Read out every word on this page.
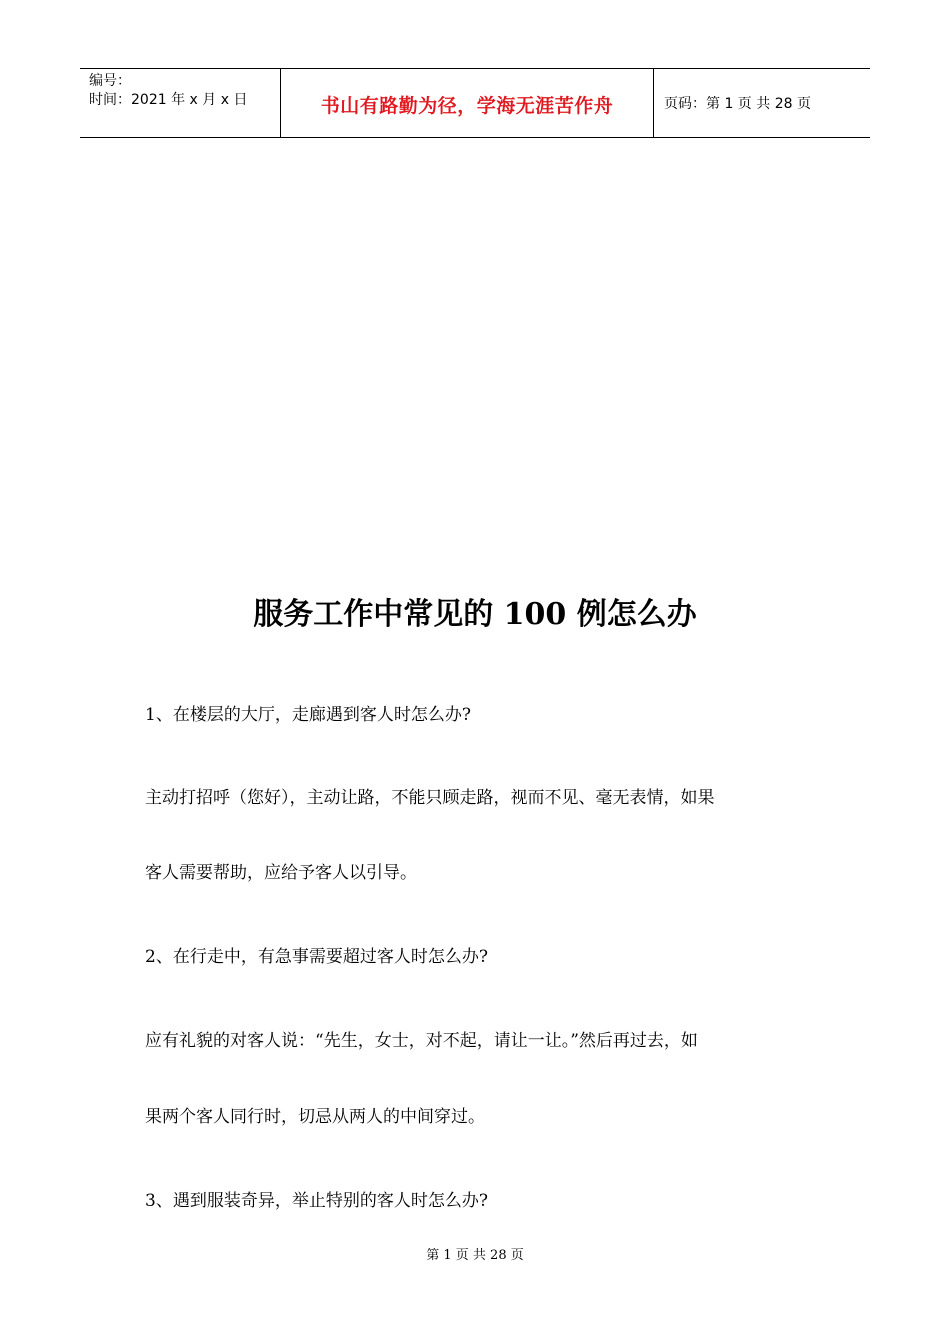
编号：
时间：2021 年 x 月 x 日	书山有路勤为径，学海无涯苦作舟	页码：第 1 页 共 28 页
服务工作中常见的 100 例怎么办

1、在楼层的大厅，走廊遇到客人时怎么办?

主动打招呼（您好），主动让路，不能只顾走路，视而不见、毫无表情，如果

客人需要帮助，应给予客人以引导。

2、在行走中，有急事需要超过客人时怎么办?

应有礼貌的对客人说：“先生，女士，对不起，请让一让。”然后再过去，如

果两个客人同行时，切忌从两人的中间穿过。

3、遇到服装奇异，举止特别的客人时怎么办?

第 1 页 共 28 页
